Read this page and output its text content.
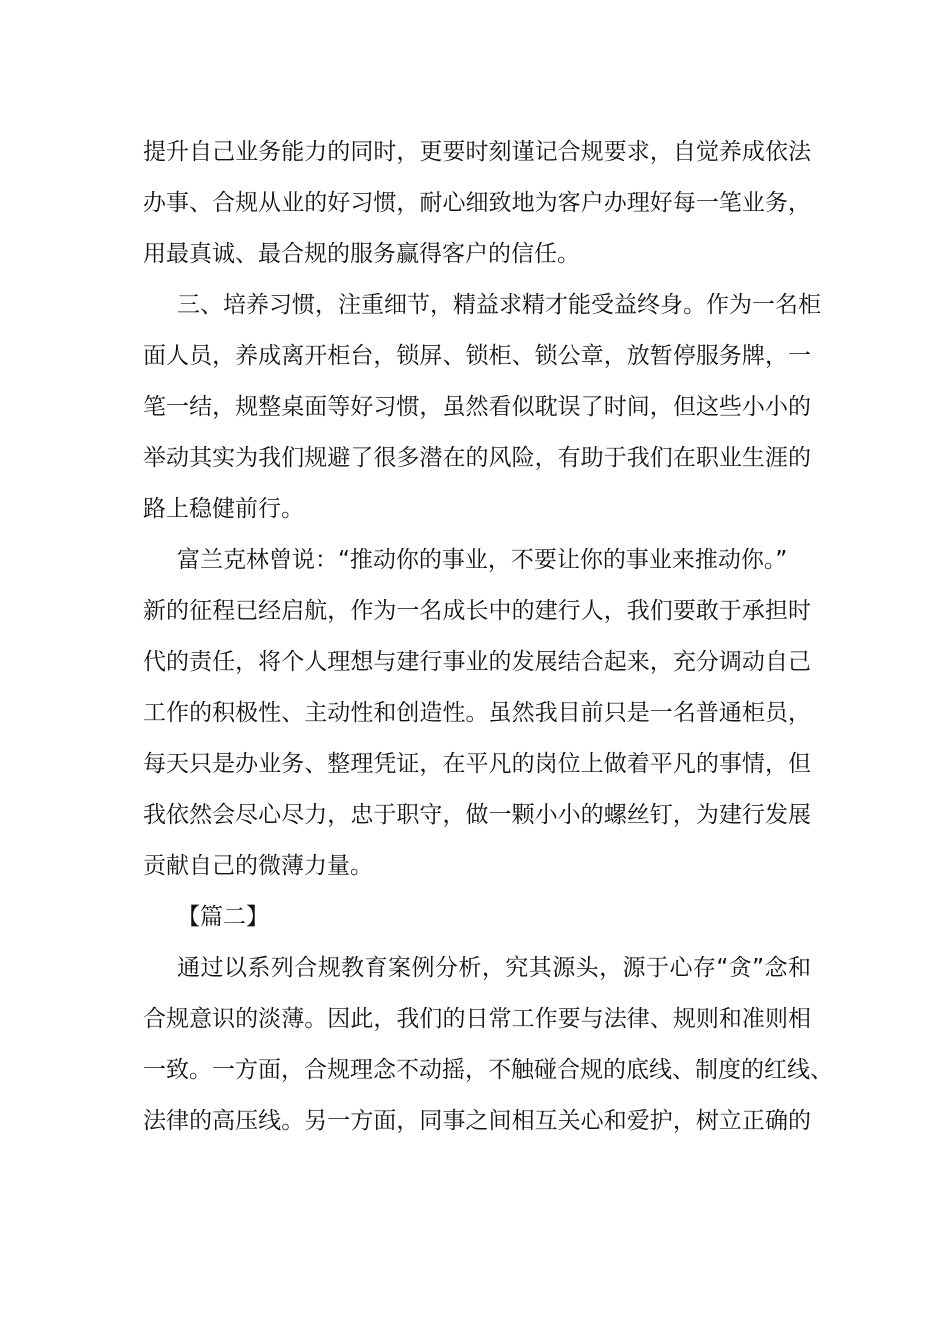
提升自己业务能力的同时，更要时刻谨记合规要求，自觉养成依法
办事、合规从业的好习惯，耐心细致地为客户办理好每一笔业务，
用最真诚、最合规的服务赢得客户的信任。
三、培养习惯，注重细节，精益求精才能受益终身。作为一名柜
面人员，养成离开柜台，锁屏、锁柜、锁公章，放暂停服务牌，一
笔一结，规整桌面等好习惯，虽然看似耽误了时间，但这些小小的
举动其实为我们规避了很多潜在的风险，有助于我们在职业生涯的
路上稳健前行。
富兰克林曾说：“推动你的事业，不要让你的事业来推动你。”
新的征程已经启航，作为一名成长中的建行人，我们要敢于承担时
代的责任，将个人理想与建行事业的发展结合起来，充分调动自己
工作的积极性、主动性和创造性。虽然我目前只是一名普通柜员，
每天只是办业务、整理凭证，在平凡的岗位上做着平凡的事情，但
我依然会尽心尽力，忠于职守，做一颗小小的螺丝钉，为建行发展
贡献自己的微薄力量。
【篇二】
通过以系列合规教育案例分析，究其源头，源于心存“贪”念和
合规意识的淡薄。因此，我们的日常工作要与法律、规则和准则相
一致。一方面，合规理念不动摇，不触碰合规的底线、制度的红线、
法律的高压线。另一方面，同事之间相互关心和爱护，树立正确的
